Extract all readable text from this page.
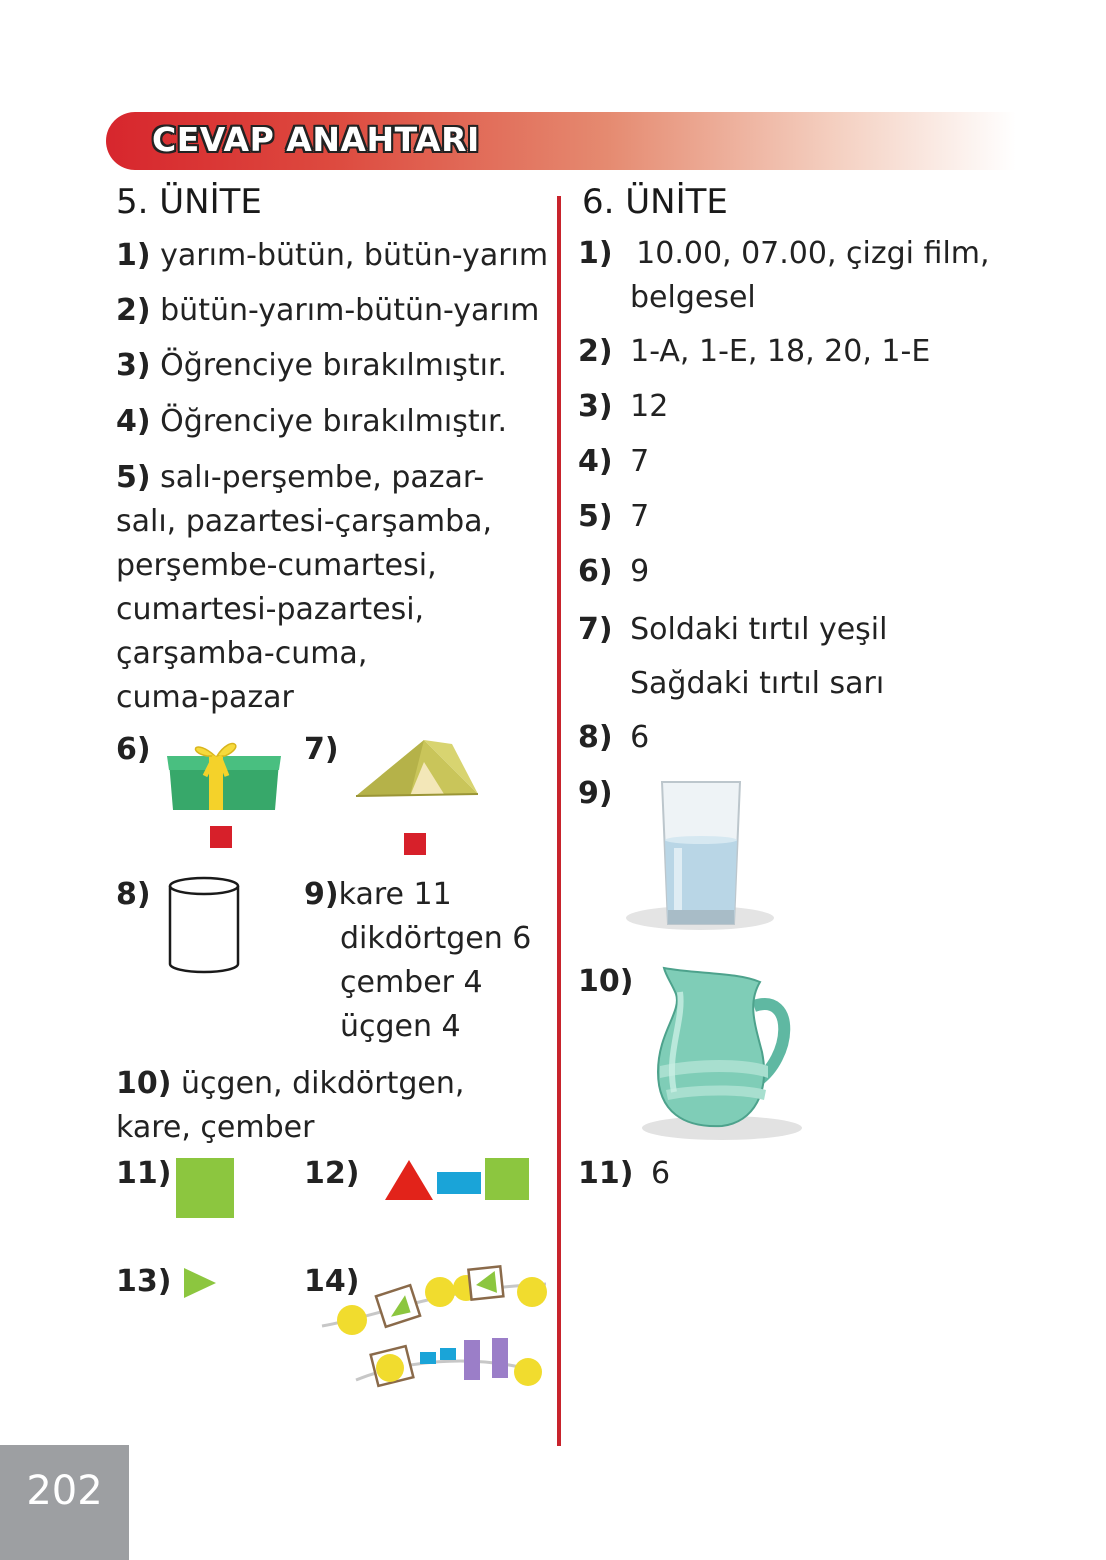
CEVAP ANAHTARI
5. ÜNİTE
1) yarım-bütün, bütün-yarım
2) bütün-yarım-bütün-yarım
3) Öğrenciye bırakılmıştır.
4) Öğrenciye bırakılmıştır.
5) salı-perşembe, pazar-
salı, pazartesi-çarşamba,
perşembe-cumartesi,
cumartesi-pazartesi,
çarşamba-cuma,
cuma-pazar
6)	7)
8)	9)kare 11
dikdörtgen 6
çember 4
üçgen 4
10) üçgen, dikdörtgen,
kare, çember
11)	12)
13)	14)
6. ÜNİTE
1) 10.00, 07.00, çizgi film,
belgesel
2) 1-A, 1-E, 18, 20, 1-E
3) 12
4) 7
5) 7
6) 9
7) Soldaki tırtıl yeşil
Sağdaki tırtıl sarı
8) 6
9)
10)
11) 6
202
